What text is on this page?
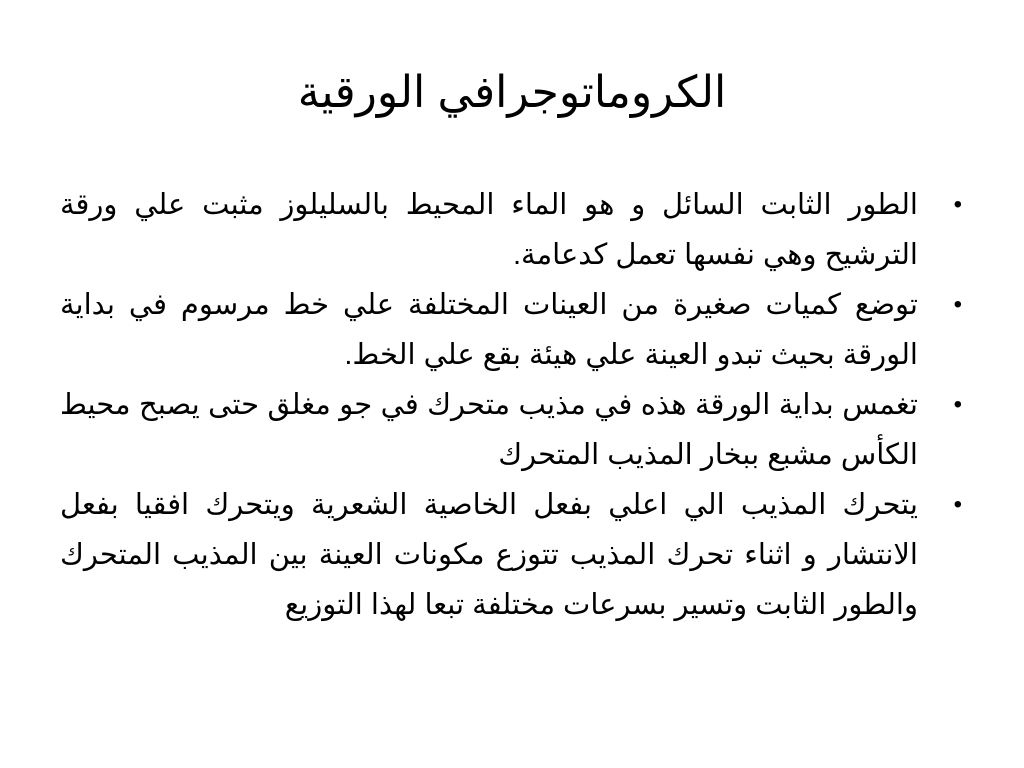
الكروماتوجرافي الورقية
•
الطور الثابت السائل و هو الماء المحيط بالسليلوز مثبت علي ورقة الترشيح وهي نفسها تعمل كدعامة.
•
توضع كميات صغيرة من العينات المختلفة علي خط مرسوم في بداية الورقة بحيث تبدو العينة علي هيئة بقع علي الخط.
•
تغمس بداية الورقة هذه في مذيب متحرك في جو مغلق حتى يصبح محيط الكأس مشبع ببخار المذيب المتحرك
•
يتحرك المذيب الي اعلي بفعل الخاصية الشعرية ويتحرك افقيا بفعل الانتشار و اثناء تحرك المذيب تتوزع مكونات العينة بين المذيب المتحرك والطور الثابت وتسير بسرعات مختلفة تبعا لهذا التوزيع
